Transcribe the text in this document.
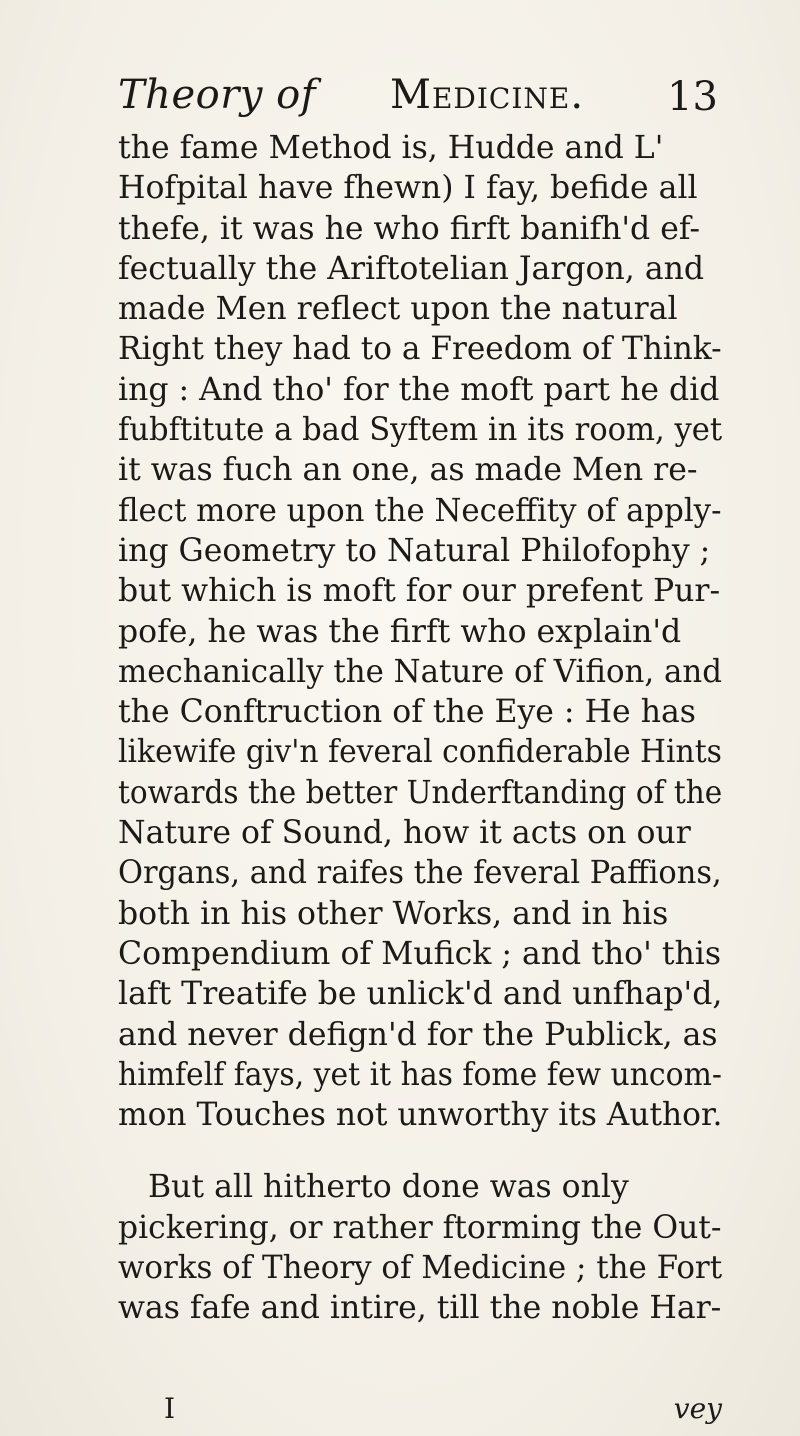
Theory of Medicine. 13
the fame Method is, Hudde and L'
Hofpital have fhewn) I fay, befide all
thefe, it was he who firft banifh'd ef-
fectually the Ariftotelian Jargon, and
made Men reflect upon the natural
Right they had to a Freedom of Think-
ing : And tho' for the moft part he did
fubftitute a bad Syftem in its room, yet
it was fuch an one, as made Men re-
flect more upon the Neceffity of apply-
ing Geometry to Natural Philofophy ;
but which is moft for our prefent Pur-
pofe, he was the firft who explain'd
mechanically the Nature of Vifion, and
the Conftruction of the Eye : He has
likewife giv'n feveral confiderable Hints
towards the better Underftanding of the
Nature of Sound, how it acts on our
Organs, and raifes the feveral Paffions,
both in his other Works, and in his
Compendium of Mufick ; and tho' this
laft Treatife be unlick'd and unfhap'd,
and never defign'd for the Publick, as
himfelf fays, yet it has fome few uncom-
mon Touches not unworthy its Author.
But all hitherto done was only
pickering, or rather ftorming the Out-
works of Theory of Medicine ; the Fort
was fafe and intire, till the noble Har-
I	vey
